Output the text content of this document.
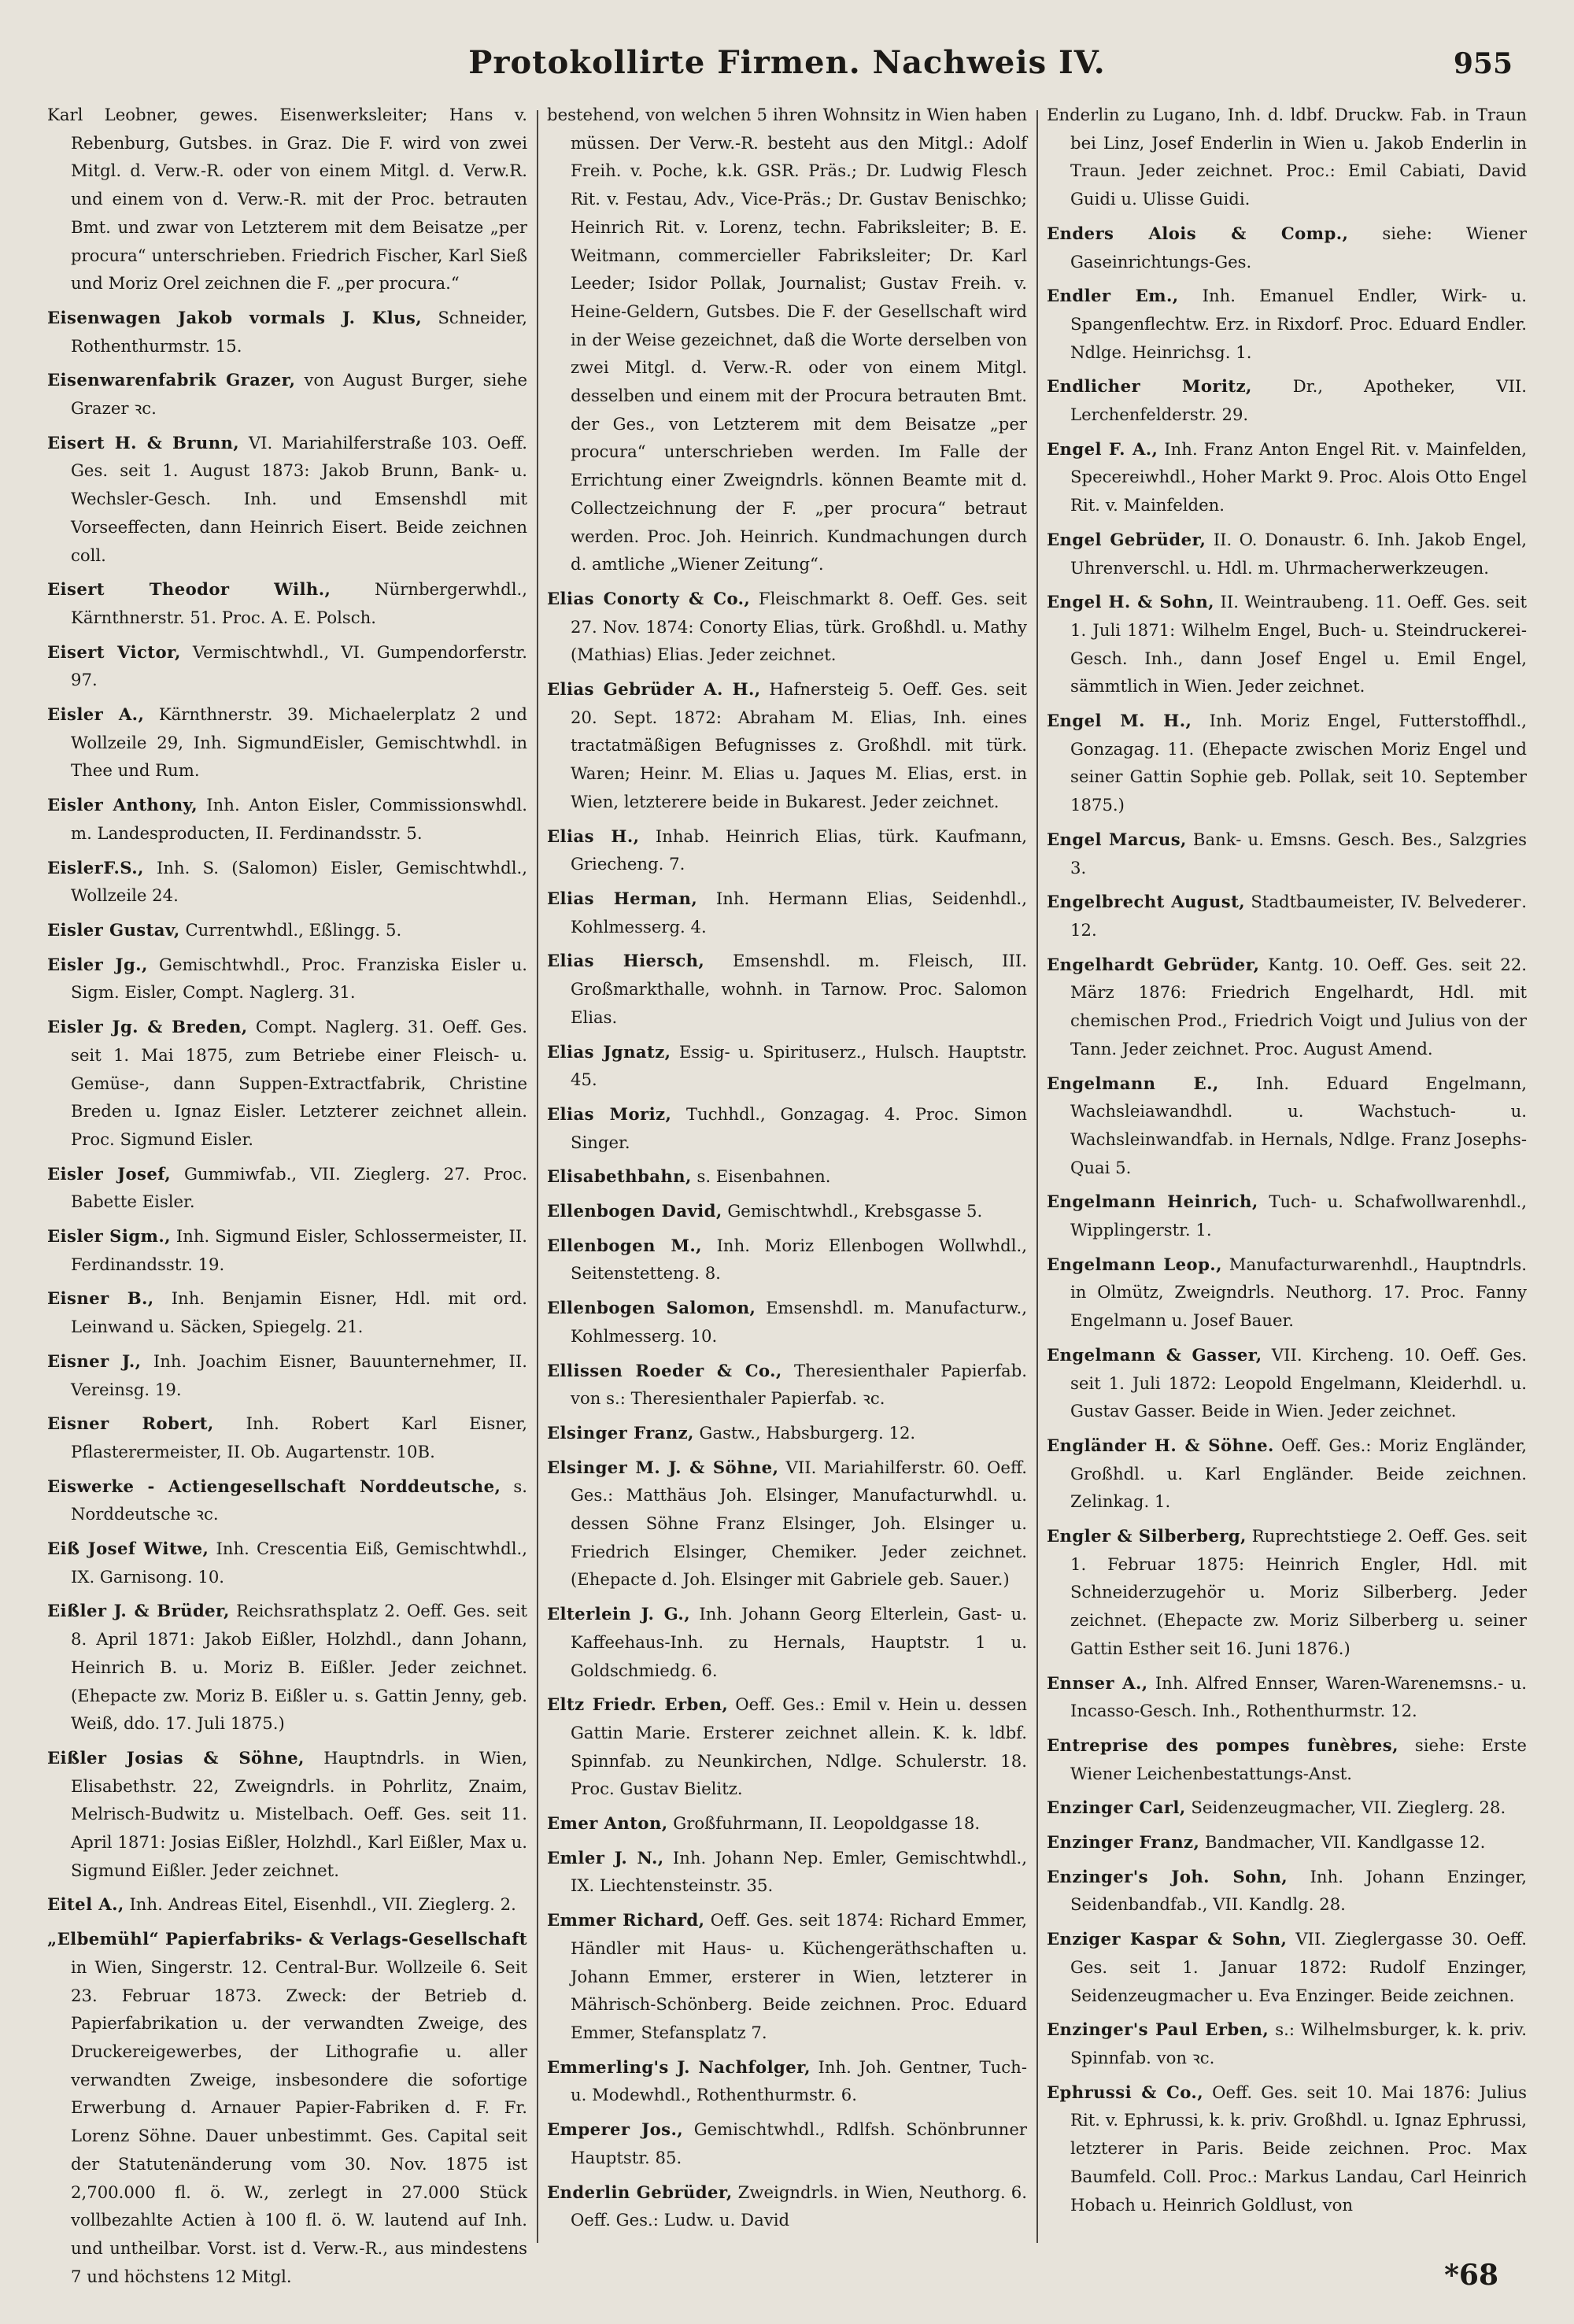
Protokollirte Firmen. Nachweis IV.	955

Karl Leobner, gewes. Eisenwerksleiter; Hans v. Rebenburg, Gutsbes. in Graz. Die F. wird von zwei Mitgl. d. Verw.-R. oder von einem Mitgl. d. Verw.R. und einem von d. Verw.-R. mit der Proc. betrauten Bmt. und zwar von Letzterem mit dem Beisatze „per procura“ unterschrieben. Friedrich Fischer, Karl Sieß und Moriz Orel zeichnen die F. „per procura.“

Eisenwagen Jakob vormals J. Klus, Schneider, Rothenthurmstr. 15.

Eisenwarenfabrik Grazer, von August Burger, siehe Grazer ꝛc.

Eisert H. & Brunn, VI. Mariahilferstraße 103. Oeff. Ges. seit 1. August 1873: Jakob Brunn, Bank- u. Wechsler-Gesch. Inh. und Emsenshdl mit Vorseeffecten, dann Heinrich Eisert. Beide zeichnen coll.

Eisert Theodor Wilh.,	Nürnbergerwhdl., Kärnthnerstr. 51. Proc. A. E. Polsch.

Eisert Victor, Vermischtwhdl., VI. Gumpendorferstr. 97.

Eisler A., Kärnthnerstr. 39. Michaelerplatz 2 und Wollzeile 29, Inh. SigmundEisler, Gemischtwhdl. in Thee und Rum.

Eisler Anthony, Inh. Anton Eisler, Commissionswhdl. m. Landesproducten, II. Ferdinandsstr. 5.

EislerF.S., Inh. S. (Salomon) Eisler, Gemischtwhdl., Wollzeile 24.

Eisler Gustav, Currentwhdl., Eßlingg. 5.

Eisler Jg., Gemischtwhdl., Proc. Franziska Eisler u. Sigm. Eisler, Compt. Naglerg. 31.

Eisler Jg. & Breden, Compt. Naglerg. 31. Oeff. Ges. seit 1. Mai 1875, zum Betriebe einer Fleisch- u. Gemüse-, dann Suppen-Extractfabrik, Christine Breden u. Ignaz Eisler. Letzterer zeichnet allein. Proc. Sigmund Eisler.

Eisler Josef, Gummiwfab., VII. Zieglerg. 27. Proc. Babette Eisler.

Eisler Sigm., Inh. Sigmund Eisler, Schlossermeister, II. Ferdinandsstr. 19.

Eisner B., Inh. Benjamin Eisner, Hdl. mit ord. Leinwand u. Säcken, Spiegelg. 21.

Eisner J., Inh. Joachim Eisner, Bauunternehmer, II. Vereinsg. 19.

Eisner Robert, Inh. Robert Karl Eisner, Pflasterermeister, II. Ob. Augartenstr. 10B.

Eiswerke - Actiengesellschaft Norddeutsche, s. Norddeutsche ꝛc.

Eiß Josef Witwe, Inh. Crescentia Eiß, Gemischtwhdl., IX. Garnisong. 10.

Eißler J. & Brüder, Reichsrathsplatz 2. Oeff. Ges. seit 8. April 1871: Jakob Eißler, Holzhdl., dann Johann, Heinrich B. u. Moriz B. Eißler. Jeder zeichnet. (Ehepacte zw. Moriz B. Eißler u. s. Gattin Jenny, geb. Weiß, ddo. 17. Juli 1875.)

Eißler Josias & Söhne, Hauptndrls. in Wien, Elisabethstr. 22, Zweigndrls. in Pohrlitz, Znaim, Melrisch-Budwitz u. Mistelbach. Oeff. Ges. seit 11. April 1871: Josias Eißler, Holzhdl., Karl Eißler, Max u. Sigmund Eißler. Jeder zeichnet.

Eitel A., Inh. Andreas Eitel, Eisenhdl., VII. Zieglerg. 2.

„Elbemühl“ Papierfabriks- & Verlags-Gesellschaft in Wien, Singerstr. 12. Central-Bur. Wollzeile 6. Seit 23. Februar 1873. Zweck: der Betrieb d. Papierfabrikation u. der verwandten Zweige, des Druckereigewerbes, der Lithografie u. aller verwandten Zweige, insbesondere die sofortige Erwerbung d. Arnauer Papier-Fabriken d. F. Fr. Lorenz Söhne. Dauer unbestimmt. Ges. Capital seit der Statutenänderung vom 30. Nov. 1875 ist 2,700.000 fl. ö. W., zerlegt in 27.000 Stück vollbezahlte Actien à 100 fl. ö. W. lautend auf Inh. und untheilbar. Vorst. ist d. Verw.-R., aus mindestens 7 und höchstens 12 Mitgl.

bestehend, von welchen 5 ihren Wohnsitz in Wien haben müssen. Der Verw.-R. besteht aus den Mitgl.: Adolf Freih. v. Poche, k.k. GSR. Präs.; Dr. Ludwig Flesch Rit. v. Festau, Adv., Vice-Präs.; Dr. Gustav Benischko; Heinrich Rit. v. Lorenz, techn. Fabriksleiter; B. E. Weitmann, commercieller Fabriksleiter; Dr. Karl Leeder; Isidor Pollak, Journalist; Gustav Freih. v. Heine-Geldern, Gutsbes. Die F. der Gesellschaft wird in der Weise gezeichnet, daß die Worte derselben von zwei Mitgl. d. Verw.-R. oder von einem Mitgl. desselben und einem mit der Procura betrauten Bmt. der Ges., von Letzterem mit dem Beisatze „per procura“ unterschrieben werden. Im Falle der Errichtung einer Zweigndrls. können Beamte mit d. Collectzeichnung der F. „per procura“ betraut werden. Proc. Joh. Heinrich. Kundmachungen durch d. amtliche „Wiener Zeitung“.

Elias Conorty & Co., Fleischmarkt 8. Oeff. Ges. seit 27. Nov. 1874: Conorty Elias, türk. Großhdl. u. Mathy (Mathias) Elias. Jeder zeichnet.

Elias Gebrüder A. H., Hafnersteig 5. Oeff. Ges. seit 20. Sept. 1872: Abraham M. Elias, Inh. eines tractatmäßigen Befugnisses z. Großhdl. mit türk. Waren; Heinr. M. Elias u. Jaques M. Elias, erst. in Wien, letzterere beide in Bukarest. Jeder zeichnet.

Elias H., Inhab. Heinrich Elias, türk. Kaufmann, Griecheng. 7.

Elias Herman, Inh. Hermann Elias, Seidenhdl., Kohlmesserg. 4.

Elias Hiersch, Emsenshdl. m. Fleisch, III. Großmarkthalle, wohnh. in Tarnow. Proc. Salomon Elias.

Elias Jgnatz, Essig- u. Spirituserz., Hulsch. Hauptstr. 45.

Elias Moriz, Tuchhdl., Gonzagag. 4. Proc. Simon Singer.

Elisabethbahn, s. Eisenbahnen.

Ellenbogen David, Gemischtwhdl., Krebsgasse 5.

Ellenbogen M., Inh. Moriz Ellenbogen Wollwhdl., Seitenstetteng. 8.

Ellenbogen Salomon, Emsenshdl. m. Manufacturw., Kohlmesserg. 10.

Ellissen Roeder & Co., Theresienthaler Papierfab. von s.: Theresienthaler Papierfab. ꝛc.

Elsinger Franz, Gastw., Habsburgerg. 12.

Elsinger M. J. & Söhne, VII. Mariahilferstr. 60. Oeff. Ges.: Matthäus Joh. Elsinger, Manufacturwhdl. u. dessen Söhne Franz Elsinger, Joh. Elsinger u. Friedrich Elsinger, Chemiker. Jeder zeichnet. (Ehepacte d. Joh. Elsinger mit Gabriele geb. Sauer.)

Elterlein J. G., Inh. Johann Georg Elterlein, Gast- u. Kaffeehaus-Inh. zu Hernals, Hauptstr. 1 u. Goldschmiedg. 6.

Eltz Friedr. Erben, Oeff. Ges.: Emil v. Hein u. dessen Gattin Marie. Ersterer zeichnet allein. K. k. ldbf. Spinnfab. zu Neunkirchen, Ndlge. Schulerstr. 18. Proc. Gustav Bielitz.

Emer Anton, Großfuhrmann, II. Leopoldgasse 18.

Emler J. N., Inh. Johann Nep. Emler, Gemischtwhdl., IX. Liechtensteinstr. 35.

Emmer Richard, Oeff. Ges. seit 1874: Richard Emmer, Händler mit Haus- u. Küchengeräthschaften u. Johann Emmer, ersterer in Wien, letzterer in Mährisch-Schönberg. Beide zeichnen. Proc. Eduard Emmer, Stefansplatz 7.

Emmerling's J. Nachfolger, Inh. Joh. Gentner, Tuch- u. Modewhdl., Rothenthurmstr. 6.

Emperer Jos., Gemischtwhdl., Rdlfsh. Schönbrunner Hauptstr. 85.

Enderlin Gebrüder, Zweigndrls. in Wien, Neuthorg. 6. Oeff. Ges.: Ludw. u. David

Enderlin zu Lugano, Inh. d. ldbf. Druckw. Fab. in Traun bei Linz, Josef Enderlin in Wien u. Jakob Enderlin in Traun. Jeder zeichnet. Proc.: Emil Cabiati, David Guidi u. Ulisse Guidi.

Enders Alois & Comp., siehe: Wiener Gaseinrichtungs-Ges.

Endler Em., Inh. Emanuel Endler, Wirk- u. Spangenflechtw. Erz. in Rixdorf. Proc. Eduard Endler. Ndlge. Heinrichsg. 1.

Endlicher Moritz, Dr., Apotheker, VII. Lerchenfelderstr. 29.

Engel F. A., Inh. Franz Anton Engel Rit. v. Mainfelden, Specereiwhdl., Hoher Markt 9. Proc. Alois Otto Engel Rit. v. Mainfelden.

Engel Gebrüder, II. O. Donaustr. 6. Inh. Jakob Engel, Uhrenverschl. u. Hdl. m. Uhrmacherwerkzeugen.

Engel H. & Sohn, II. Weintraubeng. 11. Oeff. Ges. seit 1. Juli 1871: Wilhelm Engel, Buch- u. Steindruckerei-Gesch. Inh., dann Josef Engel u. Emil Engel, sämmtlich in Wien. Jeder zeichnet.

Engel M. H., Inh. Moriz Engel, Futterstoffhdl., Gonzagag. 11. (Ehepacte zwischen Moriz Engel und seiner Gattin Sophie geb. Pollak, seit 10. September 1875.)

Engel Marcus, Bank- u. Emsns. Gesch. Bes., Salzgries 3.

Engelbrecht August, Stadtbaumeister, IV. Belvederег. 12.

Engelhardt Gebrüder, Kantg. 10. Oeff. Ges. seit 22. März 1876: Friedrich Engelhardt, Hdl. mit chemischen Prod., Friedrich Voigt und Julius von der Tann. Jeder zeichnet. Proc. August Amend.

Engelmann E., Inh. Eduard Engelmann, Wachsleiawandhdl. u. Wachstuch- u. Wachsleinwandfab. in Hernals, Ndlge. Franz Josephs-Quai 5.

Engelmann Heinrich, Tuch- u. Schafwollwarenhdl., Wipplingerstr. 1.

Engelmann Leop., Manufacturwarenhdl., Hauptndrls. in Olmütz, Zweigndrls. Neuthorg. 17. Proc. Fanny Engelmann u. Josef Bauer.

Engelmann & Gasser, VII. Kircheng. 10. Oeff. Ges. seit 1. Juli 1872: Leopold Engelmann, Kleiderhdl. u. Gustav Gasser. Beide in Wien. Jeder zeichnet.

Engländer H. & Söhne. Oeff. Ges.: Moriz Engländer, Großhdl. u. Karl Engländer. Beide zeichnen. Zelinkag. 1.

Engler & Silberberg, Ruprechtstiege 2. Oeff. Ges. seit 1. Februar 1875: Heinrich Engler, Hdl. mit Schneiderzugehör u. Moriz Silberberg. Jeder zeichnet. (Ehepacte zw. Moriz Silberberg u. seiner Gattin Esther seit 16. Juni 1876.)

Ennser A., Inh. Alfred Ennser, Waren-Warenemsns.- u. Incasso-Gesch. Inh., Rothenthurmstr. 12.

Entreprise des pompes funèbres, siehe: Erste Wiener Leichenbestattungs-Anst.

Enzinger Carl, Seidenzeugmacher, VII. Zieglerg. 28.

Enzinger Franz, Bandmacher, VII. Kandlgasse 12.

Enzinger's Joh. Sohn, Inh. Johann Enzinger, Seidenbandfab., VII. Kandlg. 28.

Enziger Kaspar & Sohn, VII. Zieglergasse 30. Oeff. Ges. seit 1. Januar 1872: Rudolf Enzinger, Seidenzeugmacher u. Eva Enzinger. Beide zeichnen.

Enzinger's Paul Erben, s.: Wilhelmsburger, k. k. priv. Spinnfab. von ꝛc.

Ephrussi & Co., Oeff. Ges. seit 10. Mai 1876: Julius Rit. v. Ephrussi, k. k. priv. Großhdl. u. Ignaz Ephrussi, letzterer in Paris. Beide zeichnen. Proc. Max Baumfeld. Coll. Proc.: Markus Landau, Carl Heinrich Hobach u. Heinrich Goldlust, von

*68
